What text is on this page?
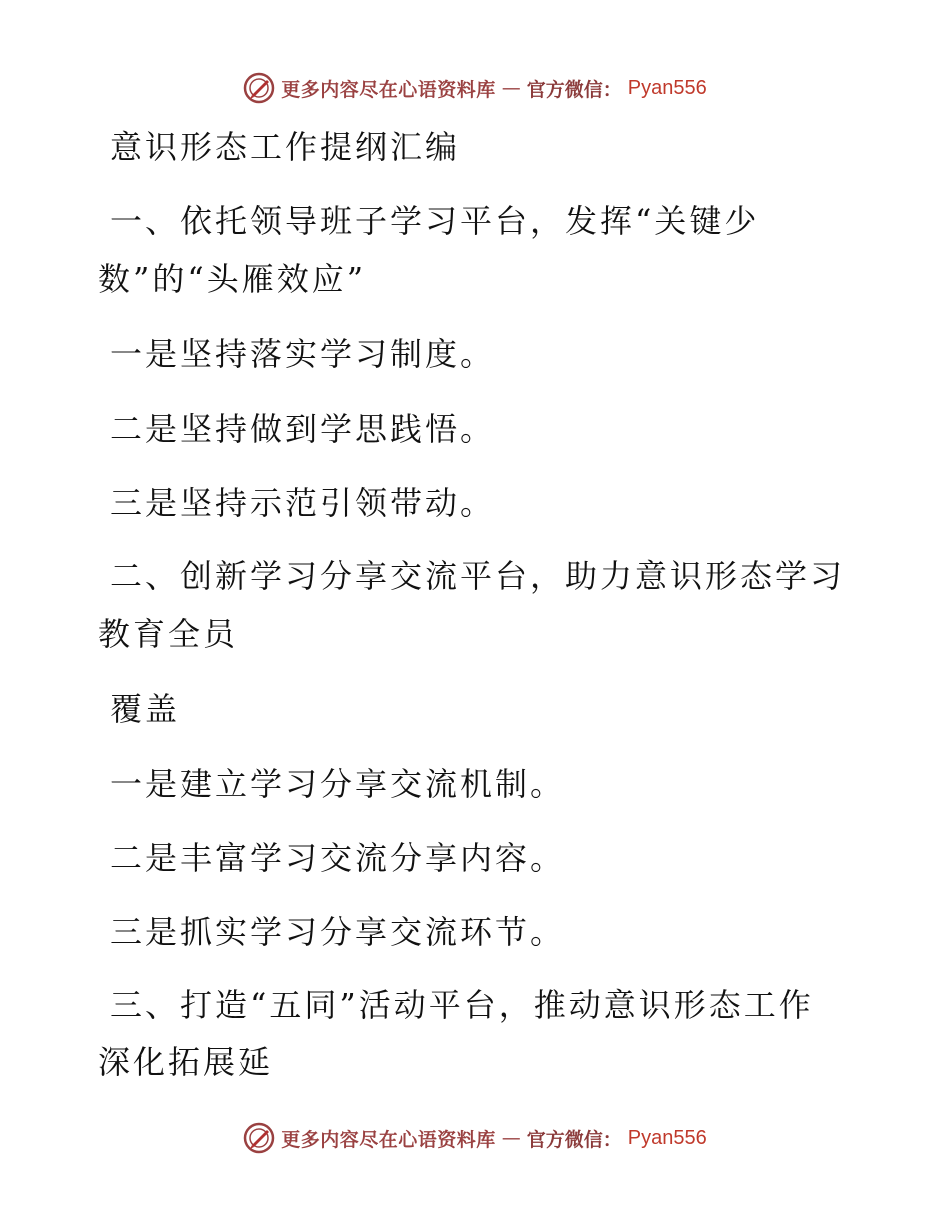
更多内容尽在心语资料库 — 官方微信： Pyan556
意识形态工作提纲汇编
一、依托领导班子学习平台，发挥“关键少
数”的“头雁效应”
一是坚持落实学习制度。
二是坚持做到学思践悟。
三是坚持示范引领带动。
二、创新学习分享交流平台，助力意识形态学习
教育全员
覆盖
一是建立学习分享交流机制。
二是丰富学习交流分享内容。
三是抓实学习分享交流环节。
三、打造“五同”活动平台，推动意识形态工作
深化拓展延
更多内容尽在心语资料库 — 官方微信： Pyan556
